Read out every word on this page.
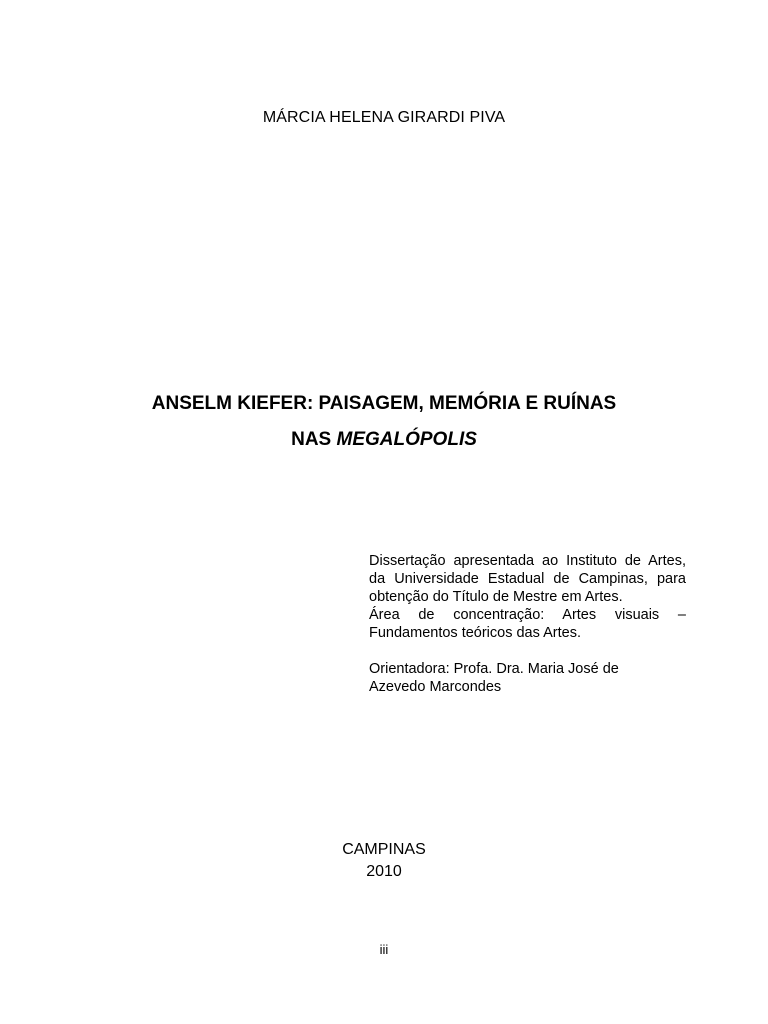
MÁRCIA HELENA GIRARDI PIVA
ANSELM KIEFER: PAISAGEM, MEMÓRIA E RUÍNAS
NAS MEGALÓPOLIS

Dissertação apresentada ao Instituto de Artes,
da Universidade Estadual de Campinas, para
obtenção do Título de Mestre em Artes.
Área de concentração: Artes visuais –
Fundamentos teóricos das Artes.

Orientadora: Profa. Dra. Maria José de
Azevedo Marcondes

CAMPINAS
2010
iii
